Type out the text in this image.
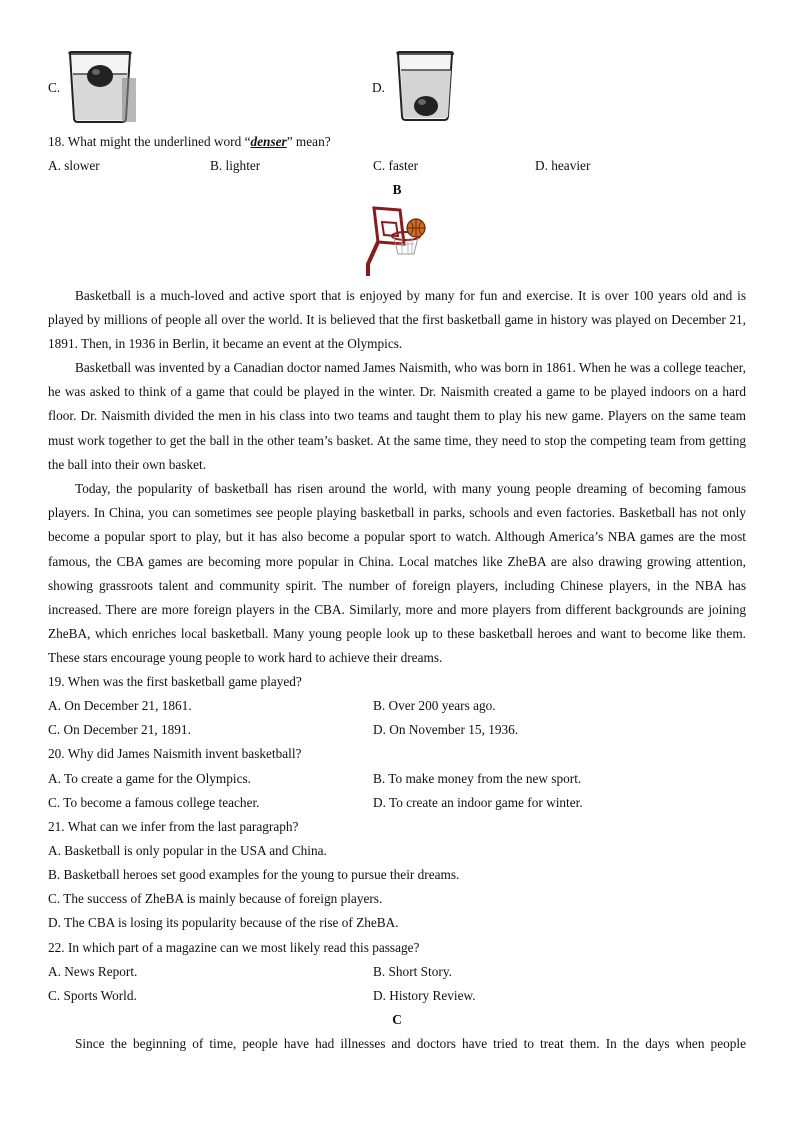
C.	D.
18. What might the underlined word “denser” mean?
A. slower	B. lighter	C. faster	D. heavier
B
Basketball is a much-loved and active sport that is enjoyed by many for fun and exercise. It is over 100 years old and is played by millions of people all over the world. It is believed that the first basketball game in history was played on December 21, 1891. Then, in 1936 in Berlin, it became an event at the Olympics.
Basketball was invented by a Canadian doctor named James Naismith, who was born in 1861. When he was a college teacher, he was asked to think of a game that could be played in the winter. Dr. Naismith created a game to be played indoors on a hard floor. Dr. Naismith divided the men in his class into two teams and taught them to play his new game. Players on the same team must work together to get the ball in the other team’s basket. At the same time, they need to stop the competing team from getting the ball into their own basket.
Today, the popularity of basketball has risen around the world, with many young people dreaming of becoming famous players. In China, you can sometimes see people playing basketball in parks, schools and even factories. Basketball has not only become a popular sport to play, but it has also become a popular sport to watch. Although America’s NBA games are the most famous, the CBA games are becoming more popular in China. Local matches like ZheBA are also drawing growing attention, showing grassroots talent and community spirit. The number of foreign players, including Chinese players, in the NBA has increased. There are more foreign players in the CBA. Similarly, more and more players from different backgrounds are joining ZheBA, which enriches local basketball. Many young people look up to these basketball heroes and want to become like them. These stars encourage young people to work hard to achieve their dreams.
19. When was the first basketball game played?
A. On December 21, 1861.	B. Over 200 years ago.
C. On December 21, 1891.	D. On November 15, 1936.
20. Why did James Naismith invent basketball?
A. To create a game for the Olympics.	B. To make money from the new sport.
C. To become a famous college teacher.	D. To create an indoor game for winter.
21. What can we infer from the last paragraph?
A. Basketball is only popular in the USA and China.
B. Basketball heroes set good examples for the young to pursue their dreams.
C. The success of ZheBA is mainly because of foreign players.
D. The CBA is losing its popularity because of the rise of ZheBA.
22. In which part of a magazine can we most likely read this passage?
A. News Report.	B. Short Story.
C. Sports World.	D. History Review.
C
Since the beginning of time, people have had illnesses and doctors have tried to treat them. In the days when people
